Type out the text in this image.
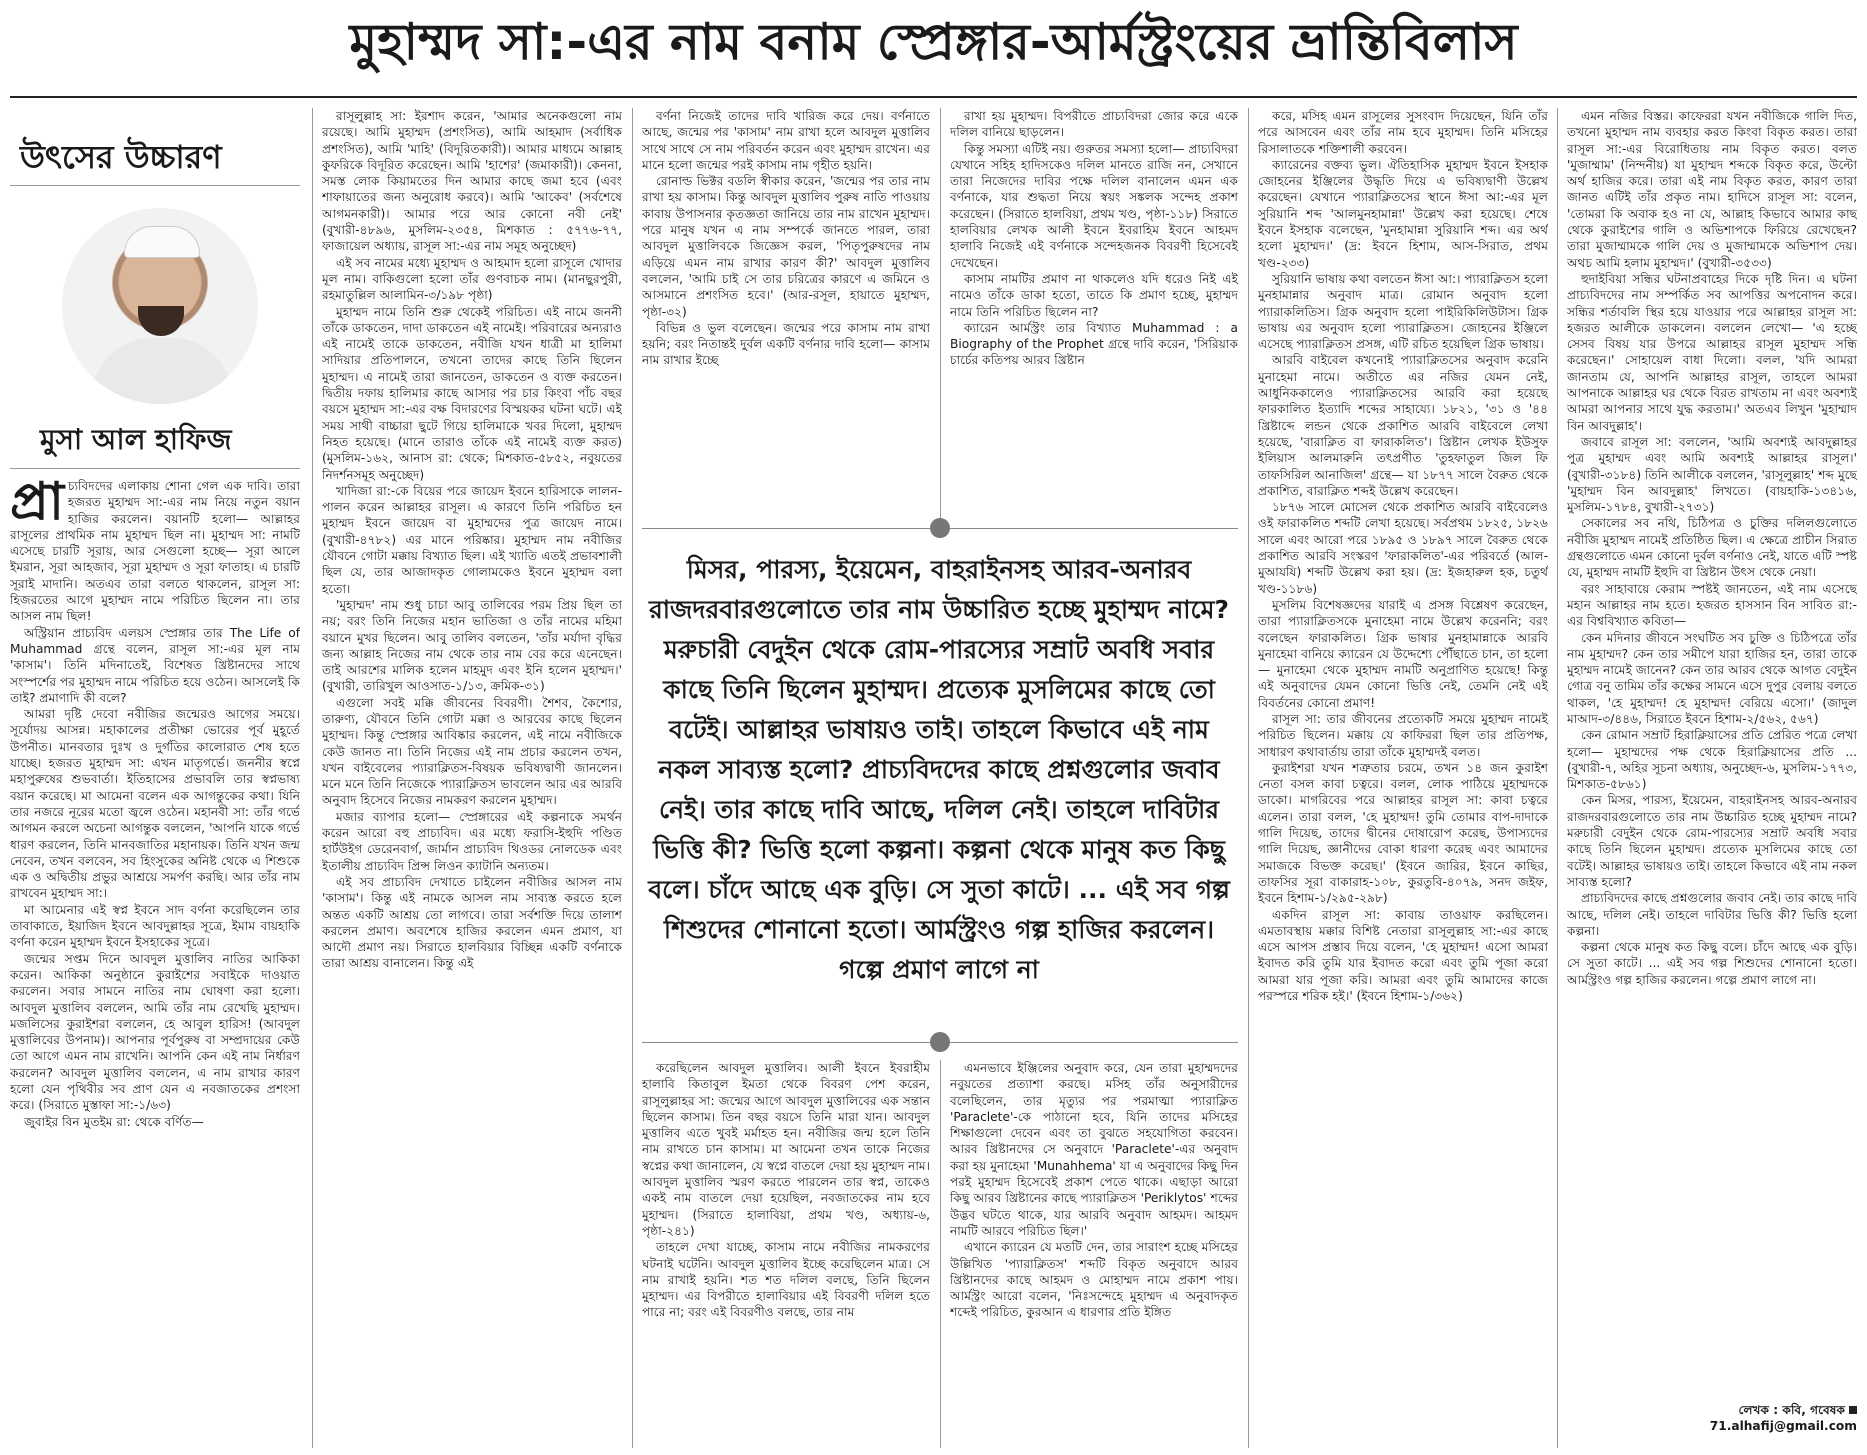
মুহাম্মদ সা:-এর নাম বনাম স্প্রেঙ্গার-আর্মস্ট্রংয়ের ভ্রান্তিবিলাস
উৎসের উচ্চারণ
মুসা আল হাফিজ
প্রা চ্যবিদদের এলাকায় শোনা গেল এক দাবি। তারা হজরত মুহাম্মদ সা:-এর নাম নিয়ে নতুন বয়ান হাজির করলেন। বয়ানটি হলো— আল্লাহর রাসূলের প্রাথমিক নাম মুহাম্মদ ছিল না। মুহাম্মদ সা: নামটি এসেছে চারটি সূরায়, আর সেগুলো হচ্ছে— সূরা আলে ইমরান, সূরা আহজাব, সূরা মুহাম্মদ ও সূরা ফাতাহ। এ চারটি সূরাই মাদানি। অতএব তারা বলতে থাকলেন, রাসূল সা: হিজরতের আগে মুহাম্মদ নামে পরিচিত ছিলেন না। তার আসল নাম ছিল!

অস্ট্রিয়ান প্রাচ্যবিদ এলয়স স্প্রেঙ্গার তার The Life of Muhammad গ্রন্থে বলেন, রাসূল সা:-এর মূল নাম 'কাসাম'। তিনি মদিনাতেই, বিশেষত খ্রিষ্টানদের সাথে সংস্পর্শের পর মুহাম্মদ নামে পরিচিত হয়ে ওঠেন। আসলেই কি তাই? প্রমাণাদি কী বলে?

আমরা দৃষ্টি দেবো নবীজির জন্মেরও আগের সময়ে। সূর্যোদয় আসন্ন। মহাকালের প্রতীক্ষা ভোরের পূর্ব মুহূর্তে উপনীত। মানবতার দুঃখ ও দুর্গতির কালোরাত শেষ হতে যাচ্ছে। হজরত মুহাম্মদ সা: এখন মাতৃগর্ভে। জননীর স্বপ্নে মহাপুরুষের শুভবার্তা। ইতিহাসের প্রভাবলি তার স্বপ্নভাষ্য বয়ান করেছে। মা আমেনা বলেন এক আগন্তুকের কথা। যিনি তার নজরে নূরের মতো জ্বলে ওঠেন। মহানবী সা: তাঁর গর্ভে আগমন করলে অচেনা আগন্তুক বললেন, 'আপনি যাকে গর্ভে ধারণ করলেন, তিনি মানবজাতির মহানায়ক। তিনি যখন জন্ম নেবেন, তখন বলবেন, সব হিংসুকের অনিষ্ট থেকে এ শিশুকে এক ও অদ্বিতীয় প্রভুর আশ্রয়ে সমর্পণ করছি। আর তাঁর নাম রাখবেন মুহাম্মদ সা:।

মা আমেনার এই স্বপ্ন ইবনে সাদ বর্ণনা করেছিলেন তার তাবাকাতে, ইয়াজিদ ইবনে আবদুল্লাহর সূত্রে, ইমাম বায়হাকি বর্ণনা করেন মুহাম্মদ ইবনে ইসহাকের সূত্রে।

জন্মের সপ্তম দিনে আবদুল মুত্তালিব নাতির আকিকা করেন। আকিকা অনুষ্ঠানে কুরাইশের সবাইকে দাওয়াত করলেন। সবার সামনে নাতির নাম ঘোষণা করা হলো। আবদুল মুত্তালিব বললেন, আমি তাঁর নাম রেখেছি মুহাম্মদ। মজলিসের কুরাইশরা বললেন, হে আবুল হারিস! (আবদুল মুত্তালিবের উপনাম)। আপনার পূর্বপুরুষ বা সম্প্রদায়ের কেউ তো আগে এমন নাম রাখেনি। আপনি কেন এই নাম নির্ধারণ করলেন? আবদুল মুত্তালিব বললেন, এ নাম রাখার কারণ হলো যেন পৃথিবীর সব প্রাণ যেন এ নবজাতকের প্রশংসা করে। (সিরাতে মুস্তাফা সা:-১/৬৩)

জুবাইর বিন মুতইম রা: থেকে বর্ণিত—

রাসূলুল্লাহ সা: ইরশাদ করেন, 'আমার অনেকগুলো নাম রয়েছে। আমি মুহাম্মদ (প্রশংসিত), আমি আহমাদ (সর্বাধিক প্রশংসিত), আমি 'মাহি' (বিদূরিতকারী)। আমার মাধ্যমে আল্লাহ কুফরিকে বিদূরিত করেছেন। আমি 'হাশের' (জমাকারী)। কেননা, সমস্ত লোক কিয়ামতের দিন আমার কাছে জমা হবে (এবং শাফায়াতের জন্য অনুরোধ করবে)। আমি 'আকেব' (সর্বশেষে আগমনকারী)। আমার পরে আর কোনো নবী নেই' (বুখারী-৪৮৯৬, মুসলিম-২৩৫৪, মিশকাত : ৫৭৭৬-৭৭, ফাজায়েল অধ্যায়, রাসূল সা:-এর নাম সমূহ অনুচ্ছেদ)

এই সব নামের মধ্যে মুহাম্মদ ও আহমাদ হলো রাসূলে খোদার মূল নাম। বাকিগুলো হলো তাঁর গুণবাচক নাম। (মানছুরপুরী, রহমাতুল্লিল আলামিন-৩/১৯৮ পৃষ্ঠা)

মুহাম্মদ নামে তিনি শুরু থেকেই পরিচিত। এই নামে জননী তাঁকে ডাকতেন, দাদা ডাকতেন এই নামেই। পরিবারের অন্যরাও এই নামেই তাকে ডাকতেন, নবীজি যখন ধাত্রী মা হালিমা সাদিয়ার প্রতিপালনে, তখনো তাদের কাছে তিনি ছিলেন মুহাম্মদ। এ নামেই তারা জানতেন, ডাকতেন ও ব্যক্ত করতেন। দ্বিতীয় দফায় হালিমার কাছে আসার পর চার কিংবা পাঁচ বছর বয়সে মুহাম্মদ সা:-এর বক্ষ বিদারণের বিস্ময়কর ঘটনা ঘটে। এই সময় সাথী বাচ্চারা ছুটে গিয়ে হালিমাকে খবর দিলো, মুহাম্মদ নিহত হয়েছে। (মানে তারাও তাঁকে এই নামেই ব্যক্ত করত) (মুসলিম-১৬২, আনাস রা: থেকে; মিশকাত-৫৮৫২, নবুয়তের নিদর্শনসমূহ অনুচ্ছেদ)

খাদিজা রা:-কে বিয়ের পরে জায়েদ ইবনে হারিসাকে লালন-পালন করেন আল্লাহর রাসূল। এ কারণে তিনি পরিচিত হন মুহাম্মদ ইবনে জায়েদ বা মুহাম্মদের পুত্র জায়েদ নামে। (বুখারী-৪৭৮২) এর মানে পরিষ্কার। মুহাম্মদ নাম নবীজির যৌবনে গোটা মক্কায় বিখ্যাত ছিল। এই খ্যাতি এতই প্রভাবশালী ছিল যে, তার আজাদকৃত গোলামকেও ইবনে মুহাম্মদ বলা হতো।

'মুহাম্মদ' নাম শুধু চাচা আবু তালিবের পরম প্রিয় ছিল তা নয়; বরং তিনি নিজের মহান ভাতিজা ও তাঁর নামের মহিমা বয়ানে মুখর ছিলেন। আবু তালিব বলতেন, 'তাঁর মর্যাদা বৃদ্ধির জন্য আল্লাহ নিজের নাম থেকে তার নাম বের করে এনেছেন। তাই আরশের মালিক হলেন মাহমুদ এবং ইনি হলেন মুহাম্মদ।' (বুখারী, তারিখুল আওসাত-১/১৩, ক্রমিক-৩১)

এগুলো সবই মক্কি জীবনের বিবরণী। শৈশব, কৈশোর, তারুণ্য, যৌবনে তিনি গোটা মক্কা ও আরবের কাছে ছিলেন মুহাম্মদ। কিন্তু স্প্রেঙ্গার আবিষ্কার করলেন, এই নামে নবীজিকে কেউ জানত না। তিনি নিজের এই নাম প্রচার করলেন তখন, যখন বাইবেলের প্যারাক্লিতস-বিষয়ক ভবিষ্যদ্বাণী জানলেন। মনে মনে তিনি নিজেকে প্যারাক্লিতস ভাবলেন আর এর আরবি অনুবাদ হিসেবে নিজের নামকরণ করলেন মুহাম্মদ।

মজার ব্যাপার হলো— স্প্রেঙ্গারের এই কল্পনাকে সমর্থন করেন আরো বহু প্রাচ্যবিদ। এর মধ্যে ফরাসি-ইহুদি পণ্ডিত হার্টউইগ ডেরেনবার্গ, জার্মান প্রাচ্যবিদ থিওডর নোলডেক এবং ইতালীয় প্রাচ্যবিদ প্রিন্স লিওন ক্যাটানি অন্যতম।

এই সব প্রাচ্যবিদ দেখাতে চাইলেন নবীজির আসল নাম 'কাসাম'। কিন্তু এই নামকে আসল নাম সাব্যস্ত করতে হলে অন্তত একটি আশ্রয় তো লাগবে। তারা সর্বশক্তি দিয়ে তালাশ করলেন প্রমাণ। অবশেষে হাজির করলেন এমন প্রমাণ, যা আদৌ প্রমাণ নয়। সিরাতে হালবিয়ার বিচ্ছিন্ন একটি বর্ণনাকে তারা আশ্রয় বানালেন। কিন্তু এই

বর্ণনা নিজেই তাদের দাবি খারিজ করে দেয়। বর্ণনাতে আছে, জন্মের পর 'কাসাম' নাম রাখা হলে আবদুল মুত্তালিব সাথে সাথে সে নাম পরিবর্তন করেন এবং মুহাম্মদ রাখেন। এর মানে হলো জন্মের পরই কাসাম নাম গৃহীত হয়নি।

রোনাল্ড ভিক্টর বডলি স্বীকার করেন, 'জন্মের পর তার নাম রাখা হয় কাসাম। কিন্তু আবদুল মুত্তালিব পুরুষ নাতি পাওয়ায় কাবায় উপাসনার কৃতজ্ঞতা জানিয়ে তার নাম রাখেন মুহাম্মদ। পরে মানুষ যখন এ নাম সম্পর্কে জানতে পারল, তারা আবদুল মুত্তালিবকে জিজ্ঞেস করল, 'পিতৃপুরুষদের নাম এড়িয়ে এমন নাম রাখার কারণ কী?' আবদুল মুত্তালিব বললেন, 'আমি চাই সে তার চরিত্রের কারণে এ জমিনে ও আসমানে প্রশংসিত হবে।' (আর-রসূল, হায়াতে মুহাম্মদ, পৃষ্ঠা-৩২)

বিভিন্ন ও ভুল বলেছেন। জন্মের পরে কাসাম নাম রাখা হয়নি; বরং নিতান্তই দুর্বল একটি বর্ণনার দাবি হলো— কাসাম নাম রাখার ইচ্ছে

রাখা হয় মুহাম্মদ। বিপরীতে প্রাচ্যবিদরা জোর করে একে দলিল বানিয়ে ছাড়লেন।

কিন্তু সমস্যা এটিই নয়। গুরুতর সমস্যা হলো— প্রাচ্যবিদরা যেখানে সহিহ হাদিসকেও দলিল মানতে রাজি নন, সেখানে তারা নিজেদের দাবির পক্ষে দলিল বানালেন এমন এক বর্ণনাকে, যার শুদ্ধতা নিয়ে স্বয়ং সঙ্কলক সন্দেহ প্রকাশ করেছেন। (সিরাতে হালবিয়া, প্রথম খণ্ড, পৃষ্ঠা-১১৮) সিরাতে হালবিয়ার লেখক আলী ইবনে ইবরাহিম ইবনে আহমদ হালাবি নিজেই এই বর্ণনাকে সন্দেহজনক বিবরণী হিসেবেই দেখেছেন।

কাসাম নামটির প্রমাণ না থাকলেও যদি ধরেও নিই এই নামেও তাঁকে ডাকা হতো, তাতে কি প্রমাণ হচ্ছে, মুহাম্মদ নামে তিনি পরিচিত ছিলেন না?

ক্যারেন আর্মস্ট্রং তার বিখ্যাত Muhammad : a Biography of the Prophet গ্রন্থে দাবি করেন, 'সিরিয়াক চার্চের কতিপয় আরব খ্রিষ্টান

মিসর, পারস্য, ইয়েমেন, বাহরাইনসহ আরব-অনারব রাজদরবারগুলোতে তার নাম উচ্চারিত হচ্ছে মুহাম্মদ নামে? মরুচারী বেদুইন থেকে রোম-পারস্যের সম্রাট অবধি সবার কাছে তিনি ছিলেন মুহাম্মদ। প্রত্যেক মুসলিমের কাছে তো বটেই। আল্লাহর ভাষায়ও তাই। তাহলে কিভাবে এই নাম নকল সাব্যস্ত হলো? প্রাচ্যবিদদের কাছে প্রশ্নগুলোর জবাব নেই। তার কাছে দাবি আছে, দলিল নেই। তাহলে দাবিটার ভিত্তি কী? ভিত্তি হলো কল্পনা। কল্পনা থেকে মানুষ কত কিছু বলে। চাঁদে আছে এক বুড়ি। সে সুতা কাটে। ... এই সব গল্প শিশুদের শোনানো হতো। আর্মস্ট্রংও গল্প হাজির করলেন। গল্পে প্রমাণ লাগে না

করেছিলেন আবদুল মুত্তালিব। আলী ইবনে ইবরাহীম হালাবি কিতাবুল ইমতা থেকে বিবরণ পেশ করেন, রাসূলুল্লাহর সা: জন্মের আগে আবদুল মুত্তালিবের এক সন্তান ছিলেন কাসাম। তিন বছর বয়সে তিনি মারা যান। আবদুল মুত্তালিব এতে খুবই মর্মাহত হন। নবীজির জন্ম হলে তিনি নাম রাখতে চান কাসাম। মা আমেনা তখন তাকে নিজের স্বপ্নের কথা জানালেন, যে স্বপ্নে বাতলে দেয়া হয় মুহাম্মদ নাম। আবদুল মুত্তালিব স্মরণ করতে পারলেন তার স্বপ্ন, তাকেও একই নাম বাতলে দেয়া হয়েছিল, নবজাতকের নাম হবে মুহাম্মদ। (সিরাতে হালাবিয়া, প্রথম খণ্ড, অধ্যায়-৬, পৃষ্ঠা-২৪১)

তাহলে দেখা যাচ্ছে, কাসাম নামে নবীজির নামকরণের ঘটনাই ঘটেনি। আবদুল মুত্তালিব ইচ্ছে করেছিলেন মাত্র। সে নাম রাখাই হয়নি। শত শত দলিল বলছে, তিনি ছিলেন মুহাম্মদ। এর বিপরীতে হালাবিয়ার এই বিবরণী দলিল হতে পারে না; বরং এই বিবরণীও বলছে, তার নাম

এমনভাবে ইঞ্জিলের অনুবাদ করে, যেন তারা মুহাম্মদদের নবুয়তের প্রত্যাশা করছে। মসিহ তাঁর অনুসারীদের বলেছিলেন, তার মৃত্যুর পর পরমাত্মা প্যারাক্লিত 'Paraclete'-কে পাঠানো হবে, যিনি তাদের মসিহের শিক্ষাগুলো দেবেন এবং তা বুঝতে সহযোগিতা করবেন। আরব খ্রিষ্টানদের সে অনুবাদে 'Paraclete'-এর অনুবাদ করা হয় মুনাহেমা 'Munahhema' যা এ অনুবাদের কিছু দিন পরই মুহাম্মদ হিসেবেই প্রকাশ পেতে থাকে। এছাড়া আরো কিছু আরব খ্রিষ্টানের কাছে প্যারাক্লিতস 'Periklytos' শব্দের উদ্ভব ঘটতে থাকে, যার আরবি অনুবাদ আহমদ। আহমদ নামটি আরবে পরিচিত ছিল।'

এখানে ক্যারেন যে মতটি দেন, তার সারাংশ হচ্ছে মসিহের উল্লিখিত 'প্যারাক্লিতস' শব্দটি বিকৃত অনুবাদে আরব খ্রিষ্টানদের কাছে আহমদ ও মোহাম্মদ নামে প্রকাশ পায়। আর্মস্ট্রং আরো বলেন, 'নিঃসন্দেহে মুহাম্মদ এ অনুবাদকৃত শব্দেই পরিচিত, কুরআন এ ধারণার প্রতি ইঙ্গিত

করে, মসিহ এমন রাসূলের সুসংবাদ দিয়েছেন, যিনি তাঁর পরে আসবেন এবং তাঁর নাম হবে মুহাম্মদ। তিনি মসিহের রিসালাতকে শক্তিশালী করবেন।

ক্যারেনের বক্তব্য ভুল। ঐতিহাসিক মুহাম্মদ ইবনে ইসহাক জোহনের ইঞ্জিলের উদ্ধৃতি দিয়ে এ ভবিষ্যদ্বাণী উল্লেখ করেছেন। যেখানে প্যারাক্লিতসের স্থানে ঈসা আ:-এর মূল সুরিয়ানি শব্দ 'আলমুনহামান্না' উল্লেখ করা হয়েছে। শেষে ইবনে ইসহাক বলেছেন, 'মুনহামান্না সুরিয়ানি শব্দ। এর অর্থ হলো মুহাম্মদ।' (দ্র: ইবনে হিশাম, আস-সিরাত, প্রথম খণ্ড-২৩৩)

সুরিয়ানি ভাষায় কথা বলতেন ঈসা আ:। প্যারাক্লিতস হলো মুনহামান্নার অনুবাদ মাত্র। রোমান অনুবাদ হলো প্যারাকলিতিস। গ্রিক অনুবাদ হলো পাইরিকিলিউটাস। গ্রিক ভাষায় এর অনুবাদ হলো প্যারাক্লিতস। জোহনের ইঞ্জিলে এসেছে প্যারাক্লিতস প্রসঙ্গ, এটি রচিত হয়েছিল গ্রিক ভাষায়।

আরবি বাইবেল কখনোই প্যারাক্লিতসের অনুবাদ করেনি মুনাহেমা নামে। অতীতে এর নজির যেমন নেই, আধুনিককালেও প্যারাক্লিতসের আরবি করা হয়েছে ফারকালিত ইত্যাদি শব্দের সাহায্যে। ১৮২১, '৩১ ও '৪৪ খ্রিষ্টাব্দে লন্ডন থেকে প্রকাশিত আরবি বাইবেলে লেখা হয়েছে, 'বারাক্লিত বা ফারাকলিত'। খ্রিষ্টান লেখক ইউসুফ ইলিয়াস আলমারুনি তৎপ্রণীত 'তুহফাতুল জিল ফি তাফসিরিল আনাজিল' গ্রন্থে— যা ১৮৭৭ সালে বৈরুত থেকে প্রকাশিত, বারাক্লিত শব্দই উল্লেখ করেছেন।

১৮৭৬ সালে মোসেল থেকে প্রকাশিত আরবি বাইবেলেও ওই ফারাকলিত শব্দটি লেখা হয়েছে। সর্বপ্রথম ১৮২৫, ১৮২৬ সালে এবং আরো পরে ১৮৯৫ ও ১৮৯৭ সালে বৈরুত থেকে প্রকাশিত আরবি সংস্করণ 'ফারাকলিত'-এর পরিবর্তে (আল-মুআযযি) শব্দটি উল্লেখ করা হয়। (দ্র: ইজহারুল হক, চতুর্থ খণ্ড-১১৮৬)

মুসলিম বিশেষজ্ঞদের যারাই এ প্রসঙ্গ বিশ্লেষণ করেছেন, তারা প্যারাক্লিতসকে মুনাহেমা নামে উল্লেখ করেননি; বরং বলেছেন ফারাকলিত। গ্রিক ভাষার মুনহামান্নাকে আরবি মুনাহেমা বানিয়ে ক্যারেন যে উদ্দেশ্যে পৌঁছাতে চান, তা হলো— মুনাহেমা থেকে মুহাম্মদ নামটি অনুপ্রাণিত হয়েছে! কিন্তু এই অনুবাদের যেমন কোনো ভিত্তি নেই, তেমনি নেই এই বিবর্তনের কোনো প্রমাণ!

রাসূল সা: তার জীবনের প্রত্যেকটি সময়ে মুহাম্মদ নামেই পরিচিত ছিলেন। মক্কায় যে কাফিররা ছিল তার প্রতিপক্ষ, সাধারণ কথাবার্তায় তারা তাঁকে মুহাম্মদই বলত।

কুরাইশরা যখন শত্রুতার চরমে, তখন ১৪ জন কুরাইশ নেতা বসল কাবা চত্বরে। বলল, লোক পাঠিয়ে মুহাম্মদকে ডাকো। মাগরিবের পরে আল্লাহর রাসূল সা: কাবা চত্বরে এলেন। তারা বলল, 'হে মুহাম্মদ! তুমি তোমার বাপ-দাদাকে গালি দিয়েছ, তাদের দ্বীনের দোষারোপ করেছ, উপাস্যদের গালি দিয়েছ, জ্ঞানীদের বোকা ধারণা করেছ এবং আমাদের সমাজকে বিভক্ত করেছ।' (ইবনে জারির, ইবনে কাছির, তাফসির সূরা বাকারাহ-১০৮, কুরতুবি-৪০৭৯, সনদ জইফ, ইবনে হিশাম-১/২৯৫-২৯৮)

একদিন রাসূল সা: কাবায় তাওয়াফ করছিলেন। এমতাবস্থায় মক্কার বিশিষ্ট নেতারা রাসূলুল্লাহ সা:-এর কাছে এসে আপস প্রস্তাব দিয়ে বলেন, 'হে মুহাম্মদ! এসো আমরা ইবাদত করি তুমি যার ইবাদত করো এবং তুমি পূজা করো আমরা যার পূজা করি। আমরা এবং তুমি আমাদের কাজে পরস্পরে শরিক হই।' (ইবনে হিশাম-১/৩৬২)

এমন নজির বিস্তর। কাফেররা যখন নবীজিকে গালি দিত, তখনো মুহাম্মদ নাম ব্যবহার করত কিংবা বিকৃত করত। তারা রাসূল সা:-এর বিরোধিতায় নাম বিকৃত করত। বলত 'মুজাম্মাম' (নিন্দনীয়) যা মুহাম্মদ শব্দকে বিকৃত করে, উল্টো অর্থ হাজির করে। তারা এই নাম বিকৃত করত, কারণ তারা জানত এটিই তাঁর প্রকৃত নাম। হাদিসে রাসূল সা: বলেন, 'তোমরা কি অবাক হও না যে, আল্লাহ কিভাবে আমার কাছ থেকে কুরাইশের গালি ও অভিশাপকে ফিরিয়ে রেখেছেন? তারা মুজাম্মামকে গালি দেয় ও মুজাম্মামকে অভিশাপ দেয়। অথচ আমি হলাম মুহাম্মদ।' (বুখারী-৩৫৩৩)

হুদাইবিয়া সন্ধির ঘটনাপ্রবাহের দিকে দৃষ্টি দিন। এ ঘটনা প্রাচ্যবিদদের নাম সম্পর্কিত সব আপত্তির অপনোদন করে। সন্ধির শর্তাবলি স্থির হয়ে যাওয়ার পরে আল্লাহর রাসূল সা: হজরত আলীকে ডাকলেন। বললেন লেখো— 'এ হচ্ছে সেসব বিষয় যার উপরে আল্লাহর রাসূল মুহাম্মদ সন্ধি করেছেন।' সোহায়েল বাধা দিলো। বলল, 'যদি আমরা জানতাম যে, আপনি আল্লাহর রাসূল, তাহলে আমরা আপনাকে আল্লাহর ঘর থেকে বিরত রাখতাম না এবং অবশ্যই আমরা আপনার সাথে যুদ্ধ করতাম।' অতএব লিখুন 'মুহাম্মাদ বিন আবদুল্লাহ'।

জবাবে রাসূল সা: বললেন, 'আমি অবশ্যই আবদুল্লাহর পুত্র মুহাম্মদ এবং আমি অবশ্যই আল্লাহর রাসূল।' (বুখারী-৩১৮৪) তিনি আলীকে বললেন, 'রাসূলুল্লাহ' শব্দ মুছে 'মুহাম্মদ বিন আবদুল্লাহ' লিখতে। (বায়হাকি-১৩৪১৬, মুসলিম-১৭৮৪, বুখারী-২৭৩১)

সেকালের সব নথি, চিঠিপত্র ও চুক্তির দলিলগুলোতে নবীজি মুহাম্মদ নামেই প্রতিষ্ঠিত ছিল। এ ক্ষেত্রে প্রাচীন সিরাত গ্রন্থগুলোতে এমন কোনো দুর্বল বর্ণনাও নেই, যাতে এটি স্পষ্ট যে, মুহাম্মদ নামটি ইহুদি বা খ্রিষ্টান উৎস থেকে নেয়া।

বরং সাহাবায়ে কেরাম স্পষ্টই জানতেন, এই নাম এসেছে মহান আল্লাহর নাম হতে। হজরত হাসসান বিন সাবিত রা:-এর বিশ্ববিখ্যাত কবিতা—

কেন মদিনার জীবনে সংঘটিত সব চুক্তি ও চিঠিপত্রে তাঁর নাম মুহাম্মদ? কেন তার সমীপে যারা হাজির হন, তারা তাকে মুহাম্মদ নামেই জানেন? কেন তার আরব থেকে আগত বেদুইন গোত্র বনু তামিম তাঁর কক্ষের সামনে এসে দুপুর বেলায় বলতে থাকল, 'হে মুহাম্মদ! হে মুহাম্মদ! বেরিয়ে এসো।' (জাদুল মাআদ-৩/৪৪৬, সিরাতে ইবনে হিশাম-২/৫৬২, ৫৬৭)

কেন রোমান সম্রাট হিরাক্লিয়াসের প্রতি প্রেরিত পত্রে লেখা হলো— মুহাম্মদের পক্ষ থেকে হিরাক্লিয়াসের প্রতি ... (বুখারী-৭, অহির সূচনা অধ্যায়, অনুচ্ছেদ-৬, মুসলিম-১৭৭৩, মিশকাত-৫৮৬১)

কেন মিসর, পারস্য, ইয়েমেন, বাহরাইনসহ আরব-অনারব রাজদরবারগুলোতে তার নাম উচ্চারিত হচ্ছে মুহাম্মদ নামে? মরুচারী বেদুইন থেকে রোম-পারস্যের সম্রাট অবধি সবার কাছে তিনি ছিলেন মুহাম্মদ। প্রত্যেক মুসলিমের কাছে তো বটেই। আল্লাহর ভাষায়ও তাই। তাহলে কিভাবে এই নাম নকল সাব্যস্ত হলো?

প্রাচ্যবিদদের কাছে প্রশ্নগুলোর জবাব নেই। তার কাছে দাবি আছে, দলিল নেই। তাহলে দাবিটার ভিত্তি কী? ভিত্তি হলো কল্পনা।

কল্পনা থেকে মানুষ কত কিছু বলে। চাঁদে আছে এক বুড়ি। সে সুতা কাটে। ... এই সব গল্প শিশুদের শোনানো হতো। আর্মস্ট্রংও গল্প হাজির করলেন। গল্পে প্রমাণ লাগে না।

লেখক : কবি, গবেষক
71.alhafij@gmail.com
